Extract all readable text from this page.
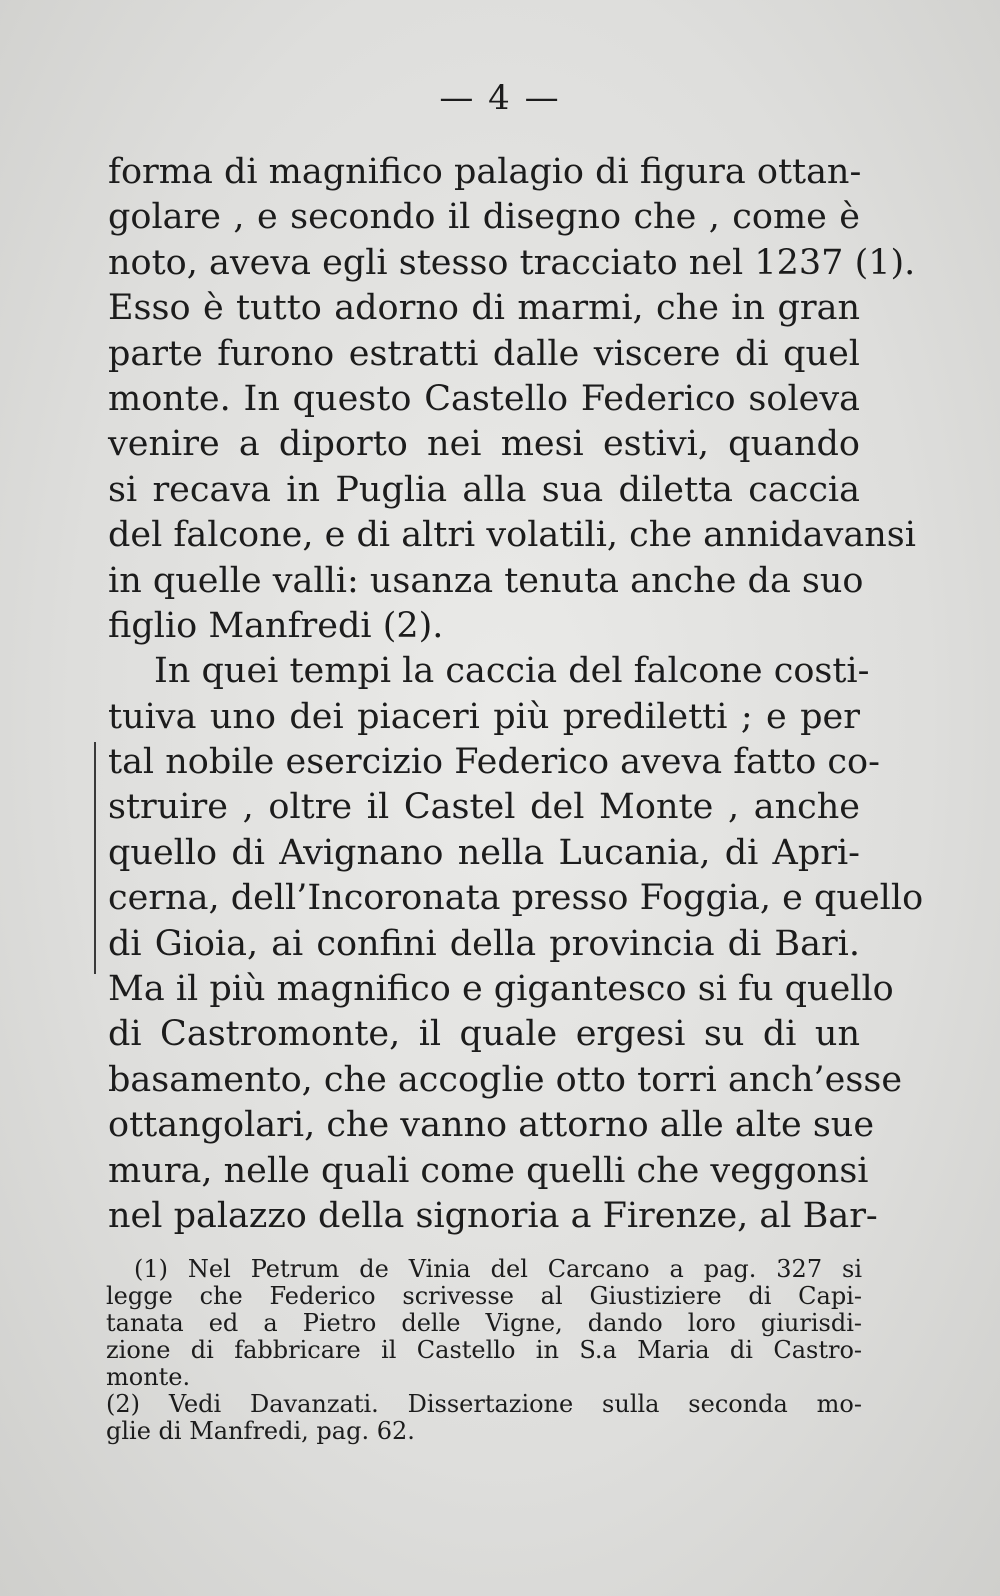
— 4 —
forma di magnifico palagio di figura ottan-
golare , e secondo il disegno che , come è
noto, aveva egli stesso tracciato nel 1237 (1).
Esso è tutto adorno di marmi, che in gran
parte furono estratti dalle viscere di quel
monte. In questo Castello Federico soleva
venire a diporto nei mesi estivi, quando
si recava in Puglia alla sua diletta caccia
del falcone, e di altri volatili, che annidavansi
in quelle valli: usanza tenuta anche da suo
figlio Manfredi (2).
In quei tempi la caccia del falcone costi-
tuiva uno dei piaceri più prediletti ; e per
tal nobile esercizio Federico aveva fatto co-
struire , oltre il Castel del Monte , anche
quello di Avignano nella Lucania, di Apri-
cerna, dell’Incoronata presso Foggia, e quello
di Gioia, ai confini della provincia di Bari.
Ma il più magnifico e gigantesco si fu quello
di Castromonte, il quale ergesi su di un
basamento, che accoglie otto torri anch’esse
ottangolari, che vanno attorno alle alte sue
mura, nelle quali come quelli che veggonsi
nel palazzo della signoria a Firenze, al Bar-
(1) Nel Petrum de Vinia del Carcano a pag. 327 si
legge che Federico scrivesse al Giustiziere di Capi-
tanata ed a Pietro delle Vigne, dando loro giurisdi-
zione di fabbricare il Castello in S.a Maria di Castro-
monte.
(2) Vedi Davanzati. Dissertazione sulla seconda mo-
glie di Manfredi, pag. 62.
